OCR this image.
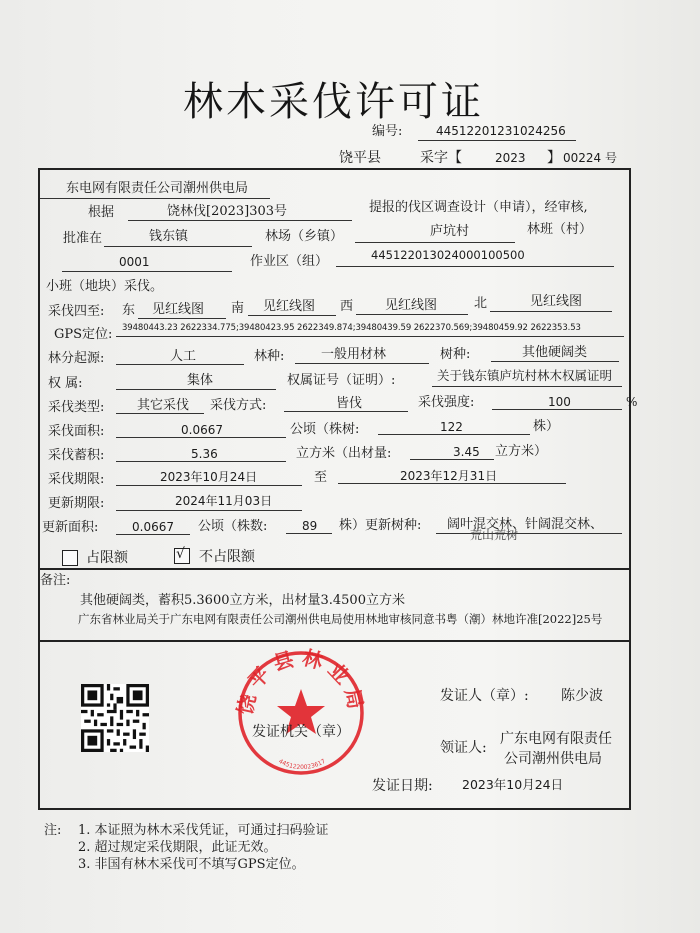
林木采伐许可证
编号:	44512201231024256
饶平县	采字【	2023 】 00224 号
东电网有限责任公司潮州供电局
根据	饶林伐[2023]303号	提报的伐区调查设计（申请），经审核,
批准在	钱东镇	林场（乡镇）	庐坑村	林班（村）
0001	作业区（组）	445122013024000100500
小班（地块）采伐。
采伐四至: 东 见红线图 南 见红线图 西 见红线图	北	见红线图
GPS定位: 39480443.23 2622334.775;39480423.95 2622349.874;39480439.59 2622370.569;39480459.92 2622353.53
林分起源:	人工	林种:	一般用材林	树种:	其他硬阔类
权 属:	集体	权属证号（证明）:	关于钱东镇庐坑村林木权属证明
采伐类型:	其它采伐 采伐方式:	皆伐	采伐强度:	100	%
采伐面积:	0.0667	公顷（株树:	122	株）
采伐蓄积:	5.36	立方米（出材量:	3.45 立方米）
采伐期限:	2023年10月24日	至	2023年12月31日
更新期限:	2024年11月03日
更新面积:	0.0667 公顷（株数:	89 株）更新树种: 阔叶混交林、针阔混交林、
荒山荒树
占限额	√ 不占限额
备注:
其他硬阔类，蓄积5.3600立方米，出材量3.4500立方米
广东省林业局关于广东电网有限责任公司潮州供电局使用林地审核同意书粤（潮）林地许准[2022]25号
饶平县林业局
4451220023617
发证人（章）: 陈少波
发证机关（章）
领证人:
广东电网有限责任
公司潮州供电局
发证日期: 2023年10月24日
注: 1. 本证照为林木采伐凭证，可通过扫码验证
2. 超过规定采伐期限，此证无效。
3. 非国有林木采伐可不填写GPS定位。
